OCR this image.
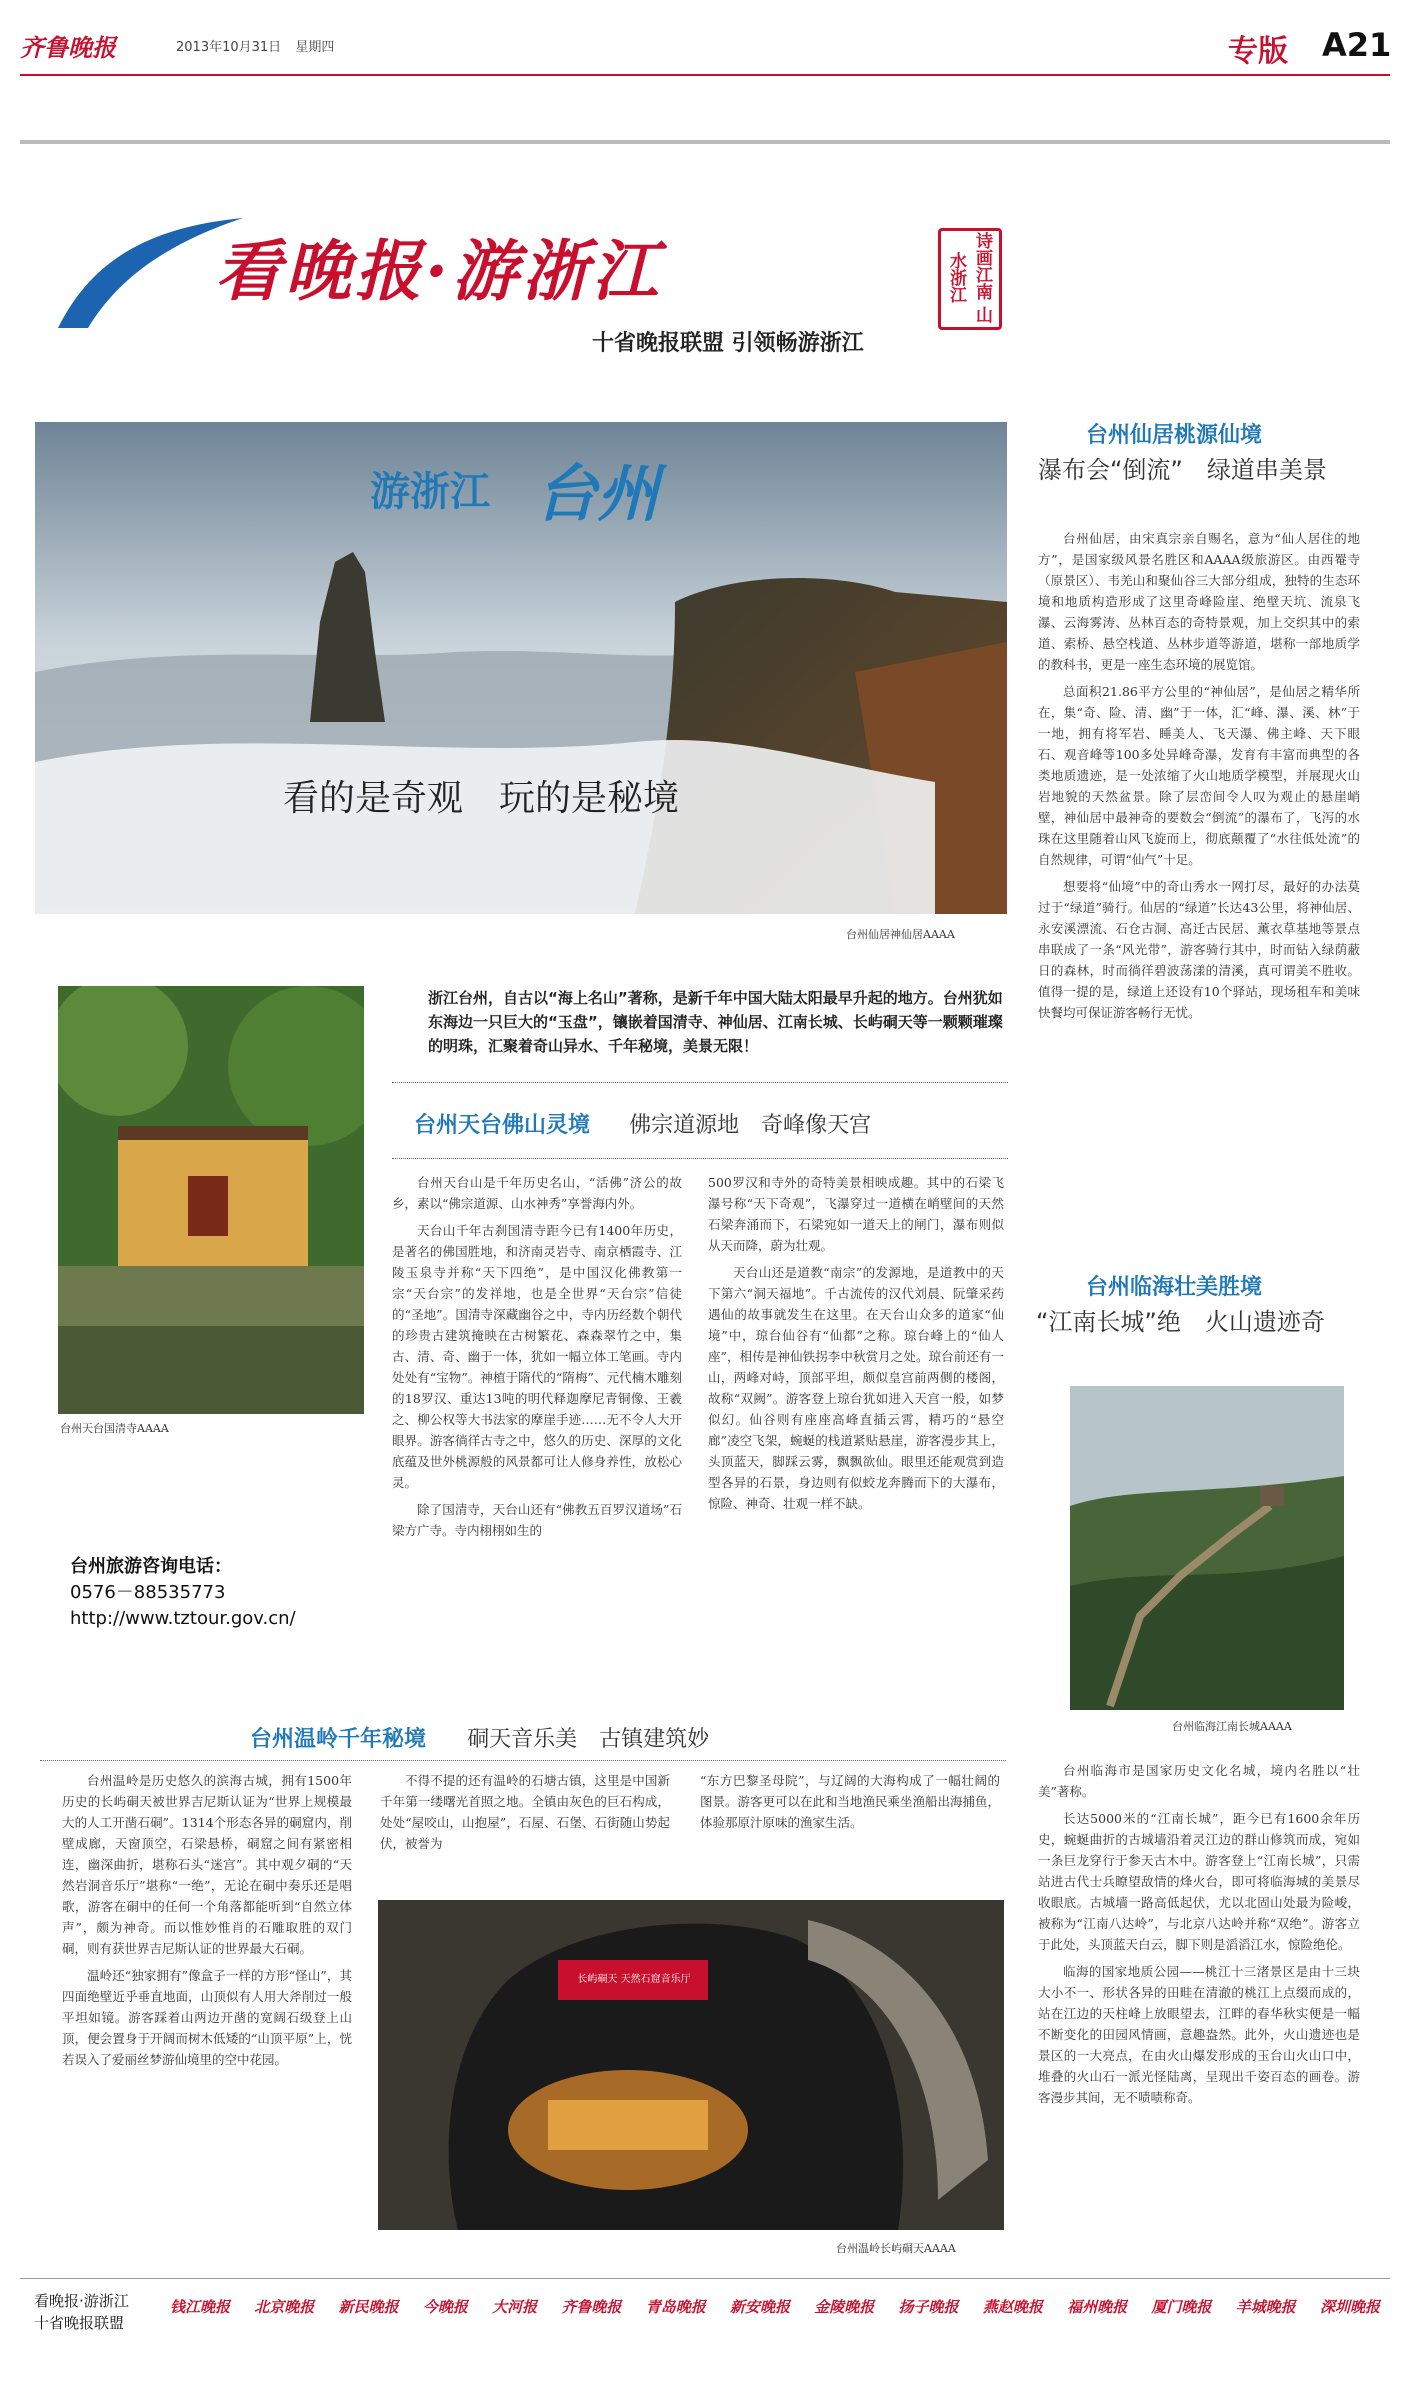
齐鲁晚报	2013年10月31日 星期四	专版 A21
看晚报·游浙江	诗画江南 山水浙江
十省晚报联盟 引领畅游浙江
游浙江 台州
看的是奇观　玩的是秘境
台州仙居神仙居AAAA
台州天台国清寺AAAA

浙江台州，自古以“海上名山”著称，是新千年中国大陆太阳最早升起的地方。台州犹如东海边一只巨大的“玉盘”，镶嵌着国清寺、神仙居、江南长城、长屿硐天等一颗颗璀璨的明珠，汇聚着奇山异水、千年秘境，美景无限！

台州天台佛山灵境 佛宗道源地　奇峰像天宫

台州天台山是千年历史名山，“活佛”济公的故乡，素以“佛宗道源、山水神秀”享誉海内外。

天台山千年古刹国清寺距今已有1400年历史，是著名的佛国胜地，和济南灵岩寺、南京栖霞寺、江陵玉泉寺并称“天下四绝”，是中国汉化佛教第一宗“天台宗”的发祥地，也是全世界“天台宗”信徒的“圣地”。国清寺深藏幽谷之中，寺内历经数个朝代的珍贵古建筑掩映在古树繁花、森森翠竹之中，集古、清、奇、幽于一体，犹如一幅立体工笔画。寺内处处有“宝物”。神植于隋代的“隋梅”、元代楠木雕刻的18罗汉、重达13吨的明代释迦摩尼青铜像、王羲之、柳公权等大书法家的摩崖手迹……无不令人大开眼界。游客徜徉古寺之中，悠久的历史、深厚的文化底蕴及世外桃源般的风景都可让人修身养性，放松心灵。

除了国清寺，天台山还有“佛教五百罗汉道场”石梁方广寺。寺内栩栩如生的

500罗汉和寺外的奇特美景相映成趣。其中的石梁飞瀑号称“天下奇观”，飞瀑穿过一道横在峭壁间的天然石梁奔涌而下，石梁宛如一道天上的闸门，瀑布则似从天而降，蔚为壮观。

天台山还是道教“南宗”的发源地，是道教中的天下第六“洞天福地”。千古流传的汉代刘晨、阮肇采药遇仙的故事就发生在这里。在天台山众多的道家“仙境”中，琼台仙谷有“仙都”之称。琼台峰上的“仙人座”，相传是神仙铁拐李中秋赏月之处。琼台前还有一山，两峰对峙，顶部平坦，颇似皇宫前两侧的楼阁，故称“双阙”。游客登上琼台犹如进入天宫一般，如梦似幻。仙谷则有座座高峰直插云霄，精巧的“悬空廊”凌空飞架，蜿蜒的栈道紧贴悬崖，游客漫步其上，头顶蓝天，脚踩云雾，飘飘欲仙。眼里还能观赏到造型各异的石景，身边则有似蛟龙奔腾而下的大瀑布，惊险、神奇、壮观一样不缺。

台州旅游咨询电话：
0576－88535773
http://www.tztour.gov.cn/
台州仙居桃源仙境
瀑布会“倒流”　绿道串美景

台州仙居，由宋真宗亲自赐名，意为“仙人居住的地方”，是国家级风景名胜区和AAAA级旅游区。由西罨寺（原景区）、韦羌山和聚仙谷三大部分组成，独特的生态环境和地质构造形成了这里奇峰险崖、绝壁天坑、流泉飞瀑、云海雾涛、丛林百态的奇特景观，加上交织其中的索道、索桥、悬空栈道、丛林步道等游道，堪称一部地质学的教科书，更是一座生态环境的展览馆。

总面积21.86平方公里的“神仙居”，是仙居之精华所在，集“奇、险、清、幽”于一体，汇“峰、瀑、溪、林”于一地，拥有将军岩、睡美人、飞天瀑、佛主峰、天下眼石、观音峰等100多处异峰奇瀑，发育有丰富而典型的各类地质遗迹，是一处浓缩了火山地质学模型，并展现火山岩地貌的天然盆景。除了层峦间令人叹为观止的悬崖峭壁，神仙居中最神奇的要数会“倒流”的瀑布了，飞泻的水珠在这里随着山风飞旋而上，彻底颠覆了“水往低处流”的自然规律，可谓“仙气”十足。

想要将“仙境”中的奇山秀水一网打尽，最好的办法莫过于“绿道”骑行。仙居的“绿道”长达43公里，将神仙居、永安溪漂流、石仓古洞、高迁古民居、薰衣草基地等景点串联成了一条“风光带”，游客骑行其中，时而钻入绿荫蔽日的森林，时而徜徉碧波荡漾的清溪，真可谓美不胜收。值得一提的是，绿道上还设有10个驿站，现场租车和美味快餐均可保证游客畅行无忧。

台州临海壮美胜境
“江南长城”绝　火山遗迹奇
台州临海江南长城AAAA

台州临海市是国家历史文化名城，境内名胜以“壮美”著称。

长达5000米的“江南长城”，距今已有1600余年历史，蜿蜒曲折的古城墙沿着灵江边的群山修筑而成，宛如一条巨龙穿行于参天古木中。游客登上“江南长城”，只需站进古代士兵瞭望敌情的烽火台，即可将临海城的美景尽收眼底。古城墙一路高低起伏，尤以北固山处最为险峻，被称为“江南八达岭”，与北京八达岭并称“双绝”。游客立于此处，头顶蓝天白云，脚下则是滔滔江水，惊险绝伦。

临海的国家地质公园——桃江十三渚景区是由十三块大小不一、形状各异的田畦在清澈的桃江上点缀而成的，站在江边的天柱峰上放眼望去，江畔的春华秋实便是一幅不断变化的田园风情画，意趣盎然。此外，火山遗迹也是景区的一大亮点，在由火山爆发形成的玉台山火山口中，堆叠的火山石一派光怪陆离，呈现出千姿百态的画卷。游客漫步其间，无不啧啧称奇。

台州温岭千年秘境 硐天音乐美　古镇建筑妙

台州温岭是历史悠久的滨海古城，拥有1500年历史的长屿硐天被世界吉尼斯认证为“世界上规模最大的人工开凿石硐”。1314个形态各异的硐窟内，削壁成廊，天窗顶空，石梁悬桥，硐窟之间有紧密相连，幽深曲折，堪称石头“迷宫”。其中观夕硐的“天然岩洞音乐厅”堪称“一绝”，无论在硐中奏乐还是唱歌，游客在硐中的任何一个角落都能听到“自然立体声”，颇为神奇。而以惟妙惟肖的石雕取胜的双门硐，则有获世界吉尼斯认证的世界最大石硐。

温岭还“独家拥有”像盒子一样的方形“怪山”，其四面绝壁近乎垂直地面，山顶似有人用大斧削过一般平坦如镜。游客踩着山两边开凿的宽阔石级登上山顶，便会置身于开阔而树木低矮的“山顶平原”上，恍若误入了爱丽丝梦游仙境里的空中花园。

不得不提的还有温岭的石塘古镇，这里是中国新千年第一缕曙光首照之地。全镇由灰色的巨石构成，处处“屋咬山，山抱屋”，石屋、石堡、石街随山势起伏，被誉为

“东方巴黎圣母院”，与辽阔的大海构成了一幅壮阔的图景。游客更可以在此和当地渔民乘坐渔船出海捕鱼，体验那原汁原味的渔家生活。

长屿硐天 天然石窟音乐厅
台州温岭长屿硐天AAAA
看晚报·游浙江
十省晚报联盟
钱江晚报 北京晚报 新民晚报 今晚报 大河报 齐鲁晚报 青岛晚报 新安晚报 金陵晚报 扬子晚报 燕赵晚报 福州晚报 厦门晚报 羊城晚报 深圳晚报
